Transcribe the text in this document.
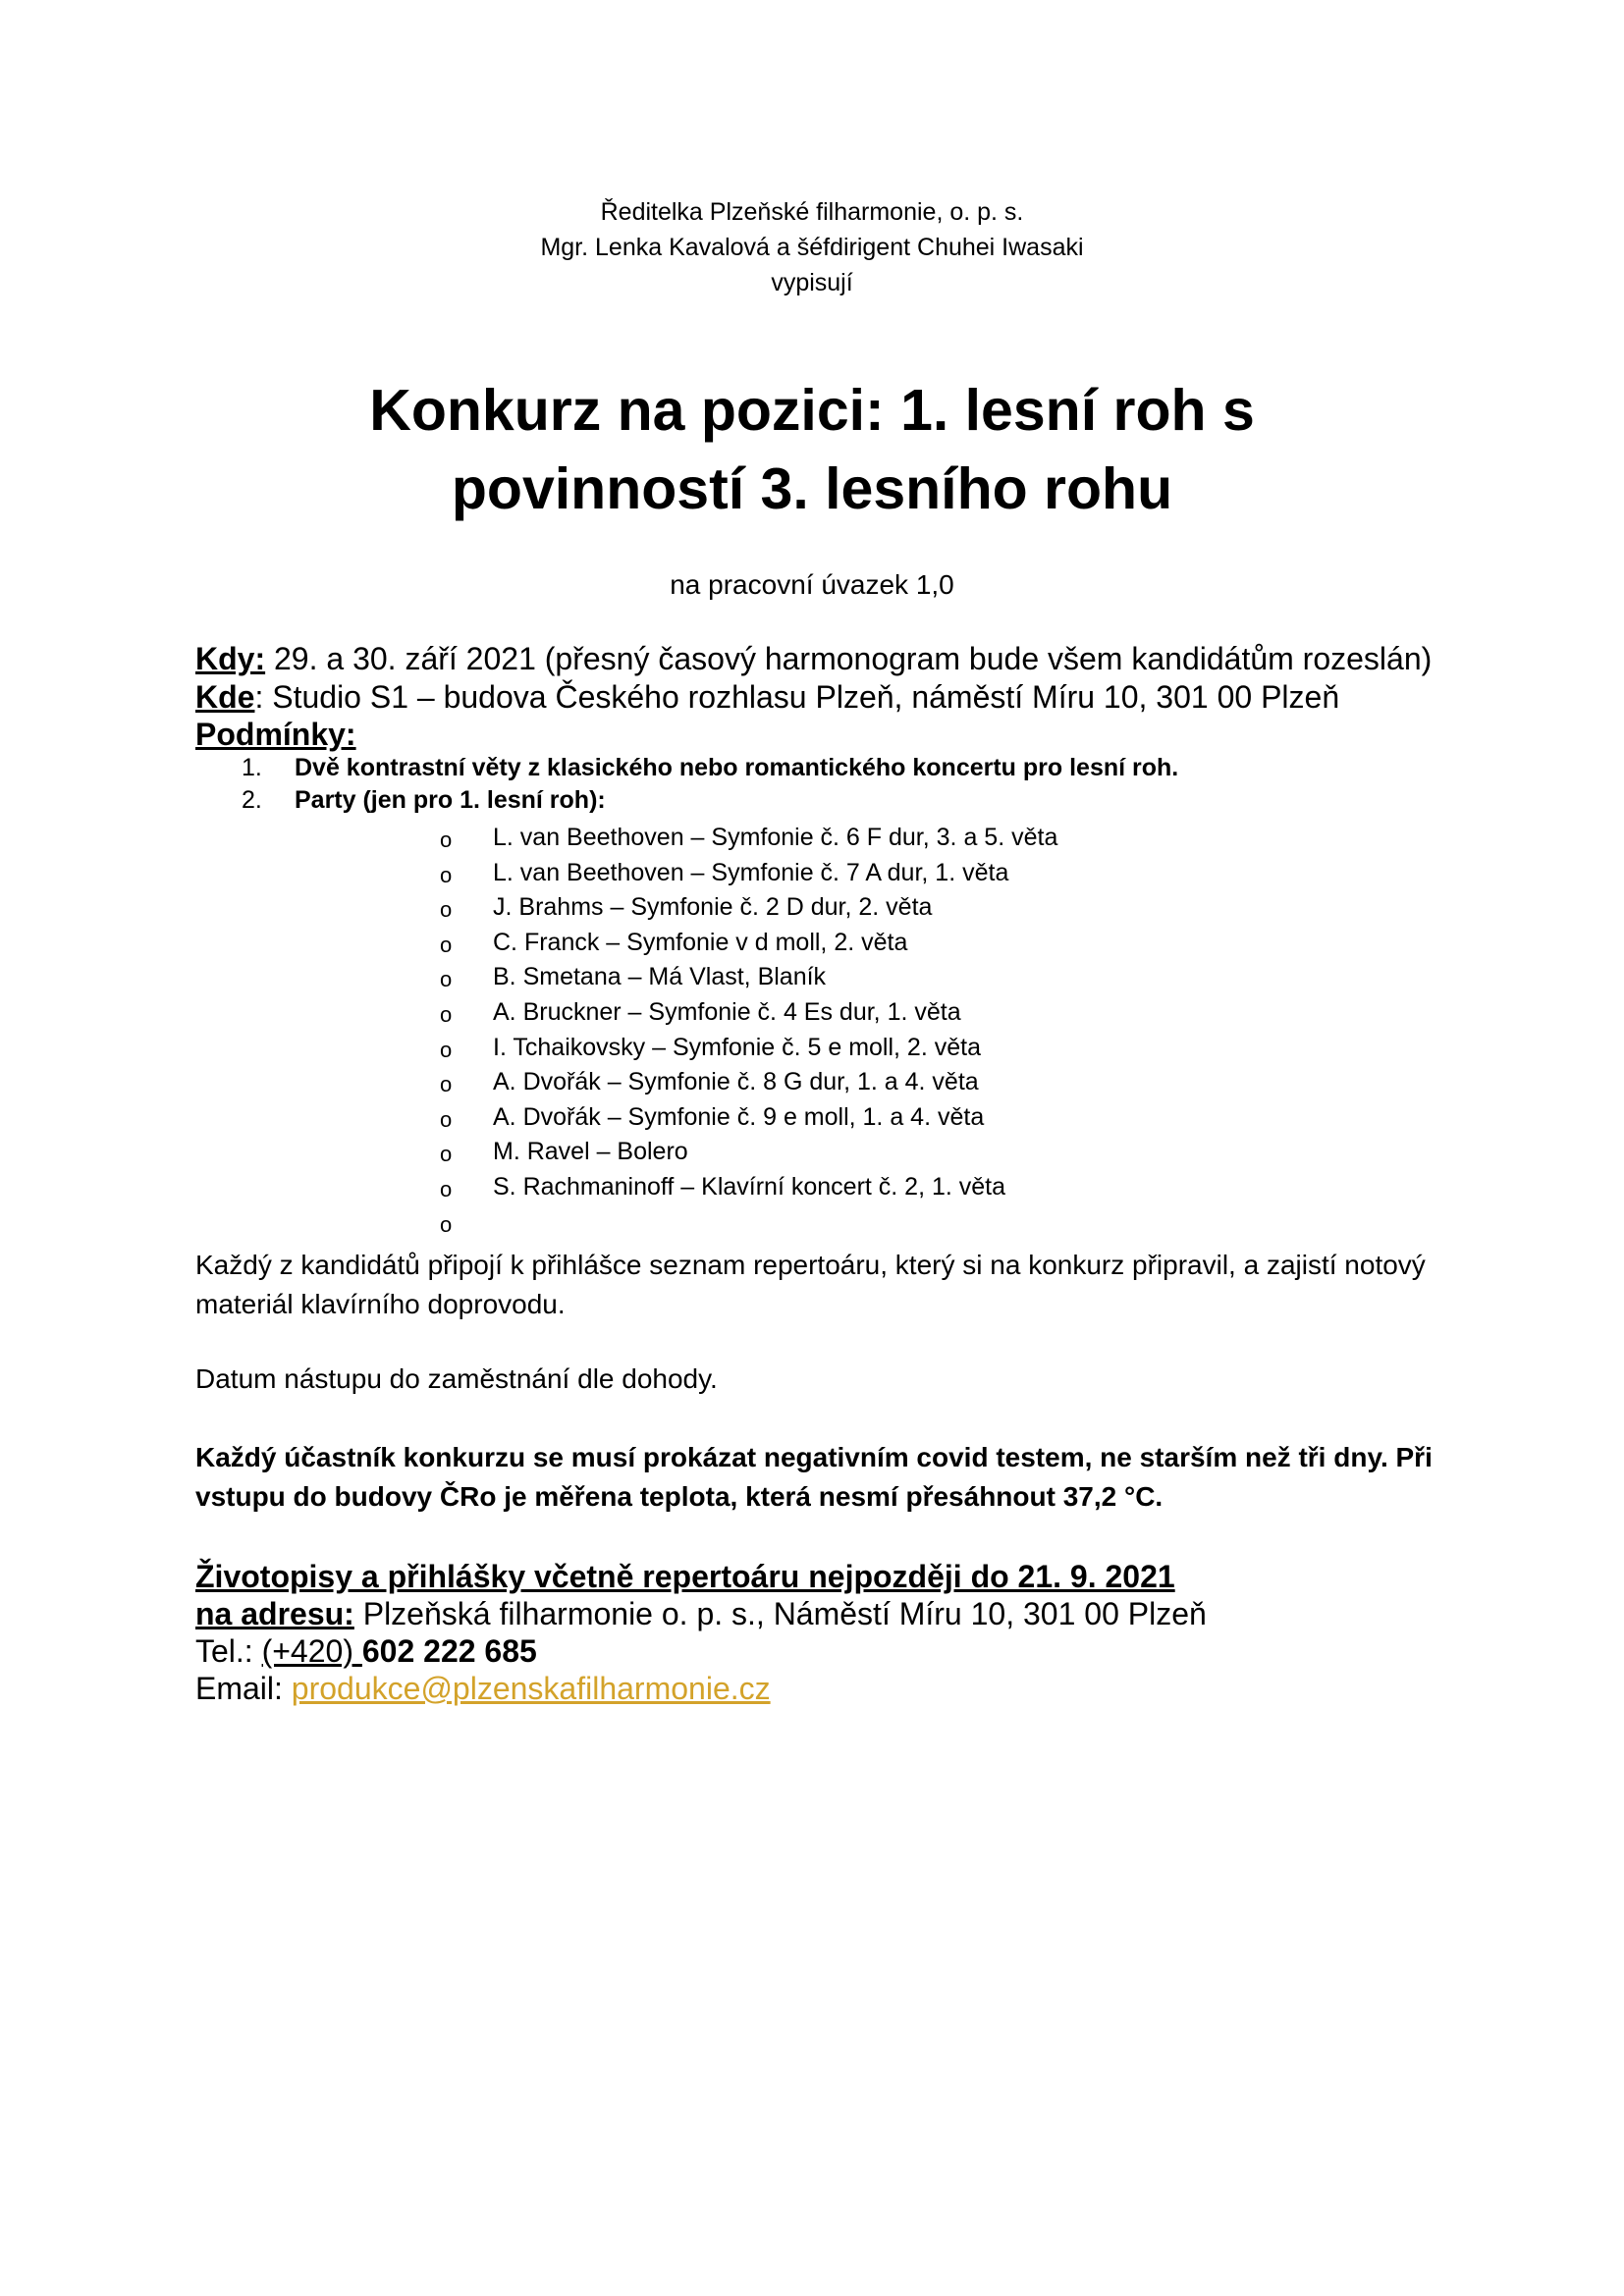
Ředitelka Plzeňské filharmonie, o. p. s.
Mgr. Lenka Kavalová a šéfdirigent Chuhei Iwasaki
vypisují
Konkurz na pozici: 1. lesní roh s
povinností 3. lesního rohu
na pracovní úvazek 1,0

Kdy: 29. a 30. září 2021 (přesný časový harmonogram bude všem kandidátům rozeslán)

Kde: Studio S1 – budova Českého rozhlasu Plzeň, náměstí Míru 10, 301 00 Plzeň

Podmínky:

1. Dvě kontrastní věty z klasického nebo romantického koncertu pro lesní roh.
2. Party (jen pro 1. lesní roh):
o L. van Beethoven – Symfonie č. 6 F dur, 3. a 5. věta
o L. van Beethoven – Symfonie č. 7 A dur, 1. věta
o J. Brahms – Symfonie č. 2 D dur, 2. věta
o C. Franck – Symfonie v d moll, 2. věta
o B. Smetana – Má Vlast, Blaník
o A. Bruckner – Symfonie č. 4 Es dur, 1. věta
o I. Tchaikovsky – Symfonie č. 5 e moll, 2. věta
o A. Dvořák – Symfonie č. 8 G dur, 1. a 4. věta
o A. Dvořák – Symfonie č. 9 e moll, 1. a 4. věta
o M. Ravel – Bolero
o S. Rachmaninoff – Klavírní koncert č. 2, 1. věta
o

Každý z kandidátů připojí k přihlášce seznam repertoáru, který si na konkurz připravil, a zajistí notový materiál klavírního doprovodu.

Datum nástupu do zaměstnání dle dohody.

Každý účastník konkurzu se musí prokázat negativním covid testem, ne starším než tři dny. Při vstupu do budovy ČRo je měřena teplota, která nesmí přesáhnout 37,2 °C.

Životopisy a přihlášky včetně repertoáru nejpozději do 21. 9. 2021

na adresu: Plzeňská filharmonie o. p. s., Náměstí Míru 10, 301 00 Plzeň

Tel.: (+420) 602 222 685

Email: produkce@plzenskafilharmonie.cz
